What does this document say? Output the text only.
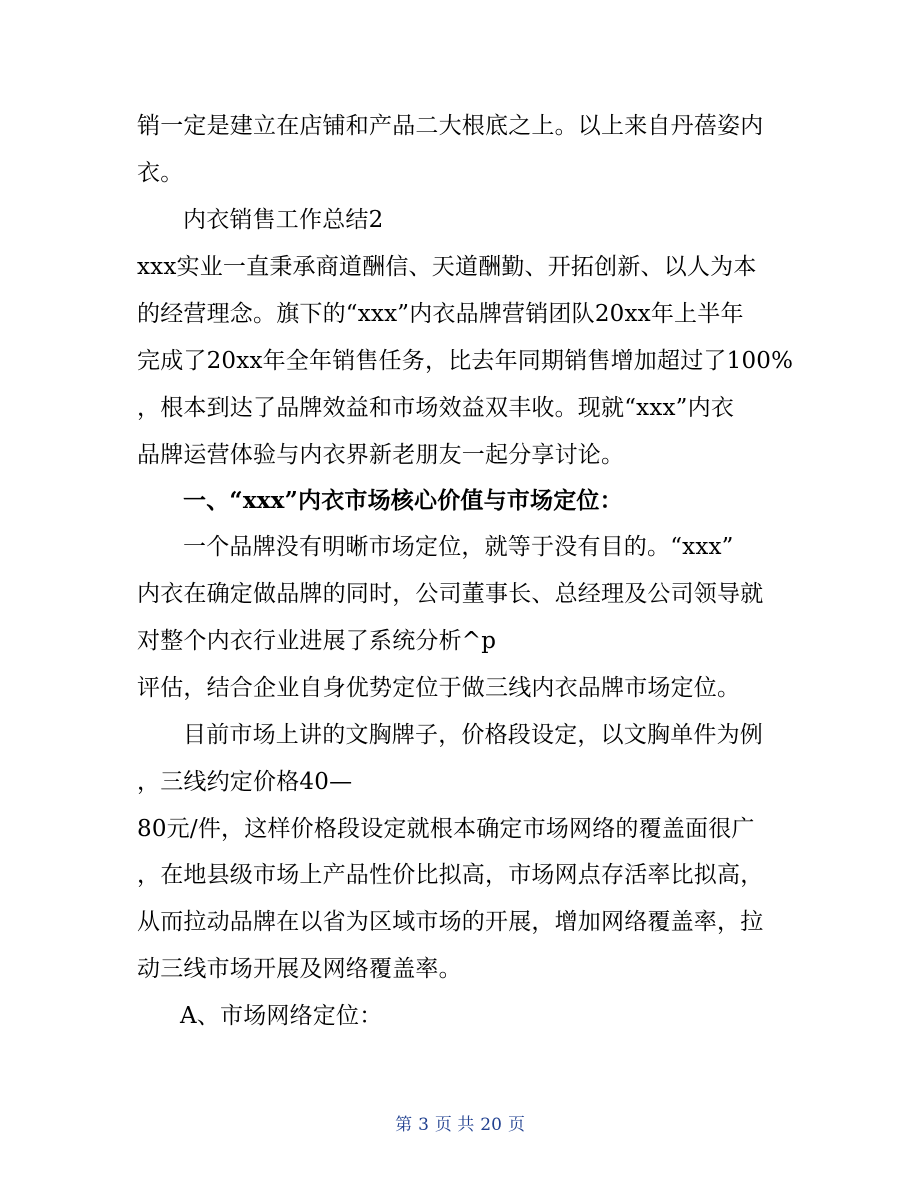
销一定是建立在店铺和产品二大根底之上。以上来自丹蓓姿内
衣。
内衣销售工作总结2
xxx实业一直秉承商道酬信、天道酬勤、开拓创新、以人为本
的经营理念。旗下的“xxx”内衣品牌营销团队20xx年上半年
完成了20xx年全年销售任务，比去年同期销售增加超过了100%
，根本到达了品牌效益和市场效益双丰收。现就“xxx”内衣
品牌运营体验与内衣界新老朋友一起分享讨论。
一、“xxx”内衣市场核心价值与市场定位：
一个品牌没有明晰市场定位，就等于没有目的。“xxx”
内衣在确定做品牌的同时，公司董事长、总经理及公司领导就
对整个内衣行业进展了系统分析^p
评估，结合企业自身优势定位于做三线内衣品牌市场定位。
目前市场上讲的文胸牌子，价格段设定，以文胸单件为例
，三线约定价格40—
80元/件，这样价格段设定就根本确定市场网络的覆盖面很广
，在地县级市场上产品性价比拟高，市场网点存活率比拟高，
从而拉动品牌在以省为区域市场的开展，增加网络覆盖率，拉
动三线市场开展及网络覆盖率。
A、市场网络定位：
第 3 页 共 20 页
